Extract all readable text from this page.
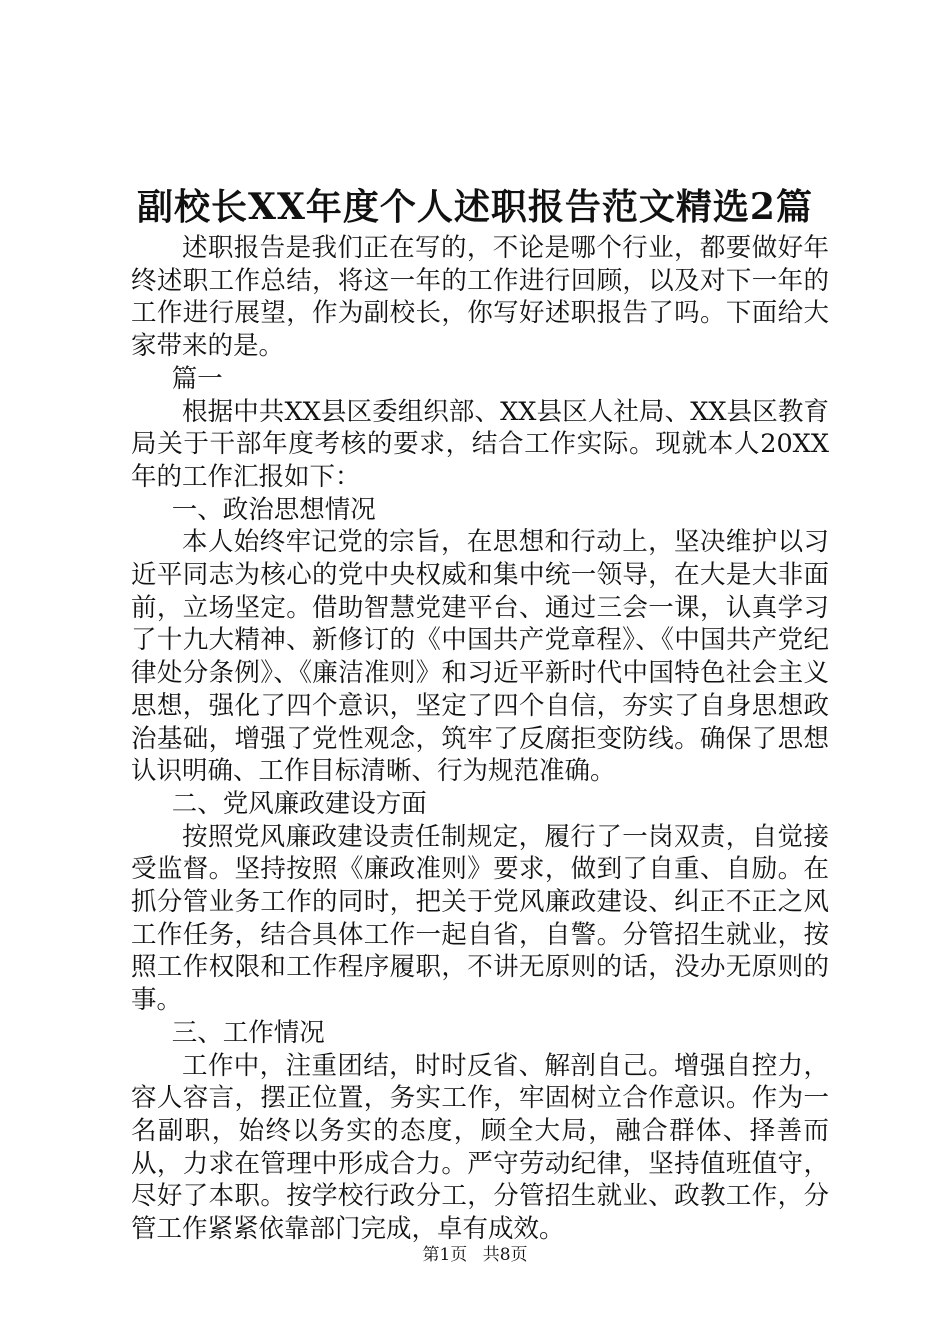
副校长XX年度个人述职报告范文精选2篇

述职报告是我们正在写的，不论是哪个行业，都要做好年终述职工作总结，将这一年的工作进行回顾，以及对下一年的工作进行展望，作为副校长，你写好述职报告了吗。下面给大家带来的是。

篇一

根据中共XX县区委组织部、XX县区人社局、XX县区教育局关于干部年度考核的要求，结合工作实际。现就本人20XX年的工作汇报如下：

一、政治思想情况

本人始终牢记党的宗旨，在思想和行动上，坚决维护以习近平同志为核心的党中央权威和集中统一领导，在大是大非面前，立场坚定。借助智慧党建平台、通过三会一课，认真学习了十九大精神、新修订的《中国共产党章程》、《中国共产党纪律处分条例》、《廉洁准则》和习近平新时代中国特色社会主义思想，强化了四个意识，坚定了四个自信，夯实了自身思想政治基础，增强了党性观念，筑牢了反腐拒变防线。确保了思想认识明确、工作目标清晰、行为规范准确。

二、党风廉政建设方面

按照党风廉政建设责任制规定，履行了一岗双责，自觉接受监督。坚持按照《廉政准则》要求，做到了自重、自励。在抓分管业务工作的同时，把关于党风廉政建设、纠正不正之风工作任务，结合具体工作一起自省，自警。分管招生就业，按照工作权限和工作程序履职，不讲无原则的话，没办无原则的事。

三、工作情况

工作中，注重团结，时时反省、解剖自己。增强自控力，容人容言，摆正位置，务实工作，牢固树立合作意识。作为一名副职，始终以务实的态度，顾全大局，融合群体、择善而从，力求在管理中形成合力。严守劳动纪律，坚持值班值守，尽好了本职。按学校行政分工，分管招生就业、政教工作，分管工作紧紧依靠部门完成，卓有成效。

第1页 共8页
